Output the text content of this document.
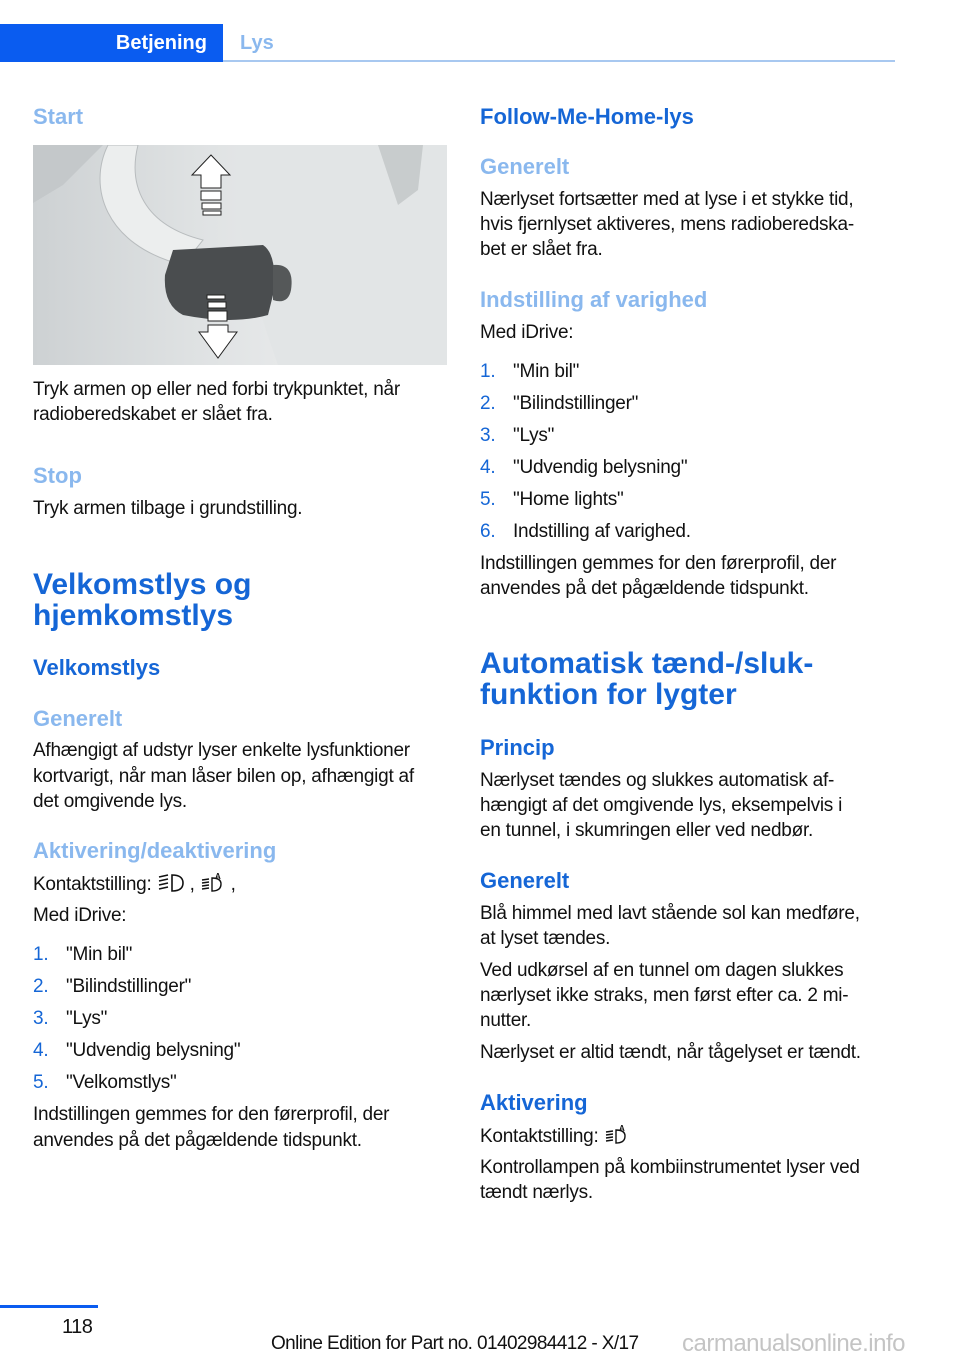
Betjening	Lys
Start
Tryk armen op eller ned forbi trykpunktet, når
radioberedskabet er slået fra.
Stop
Tryk armen tilbage i grundstilling.
Velkomstlys og
hjemkomstlys
Velkomstlys
Generelt
Afhængigt af udstyr lyser enkelte lysfunktioner
kortvarigt, når man låser bilen op, afhængigt af
det omgivende lys.
Aktivering/deaktivering
Kontaktstilling: ,	A ,
Med iDrive:
1. "Min bil"
2. "Bilindstillinger"
3. "Lys"
4. "Udvendig belysning"
5. "Velkomstlys"
Indstillingen gemmes for den førerprofil, der
anvendes på det pågældende tidspunkt.
Follow-Me-Home-lys
Generelt
Nærlyset fortsætter med at lyse i et stykke tid,
hvis fjernlyset aktiveres, mens radioberedska-
bet er slået fra.
Indstilling af varighed
Med iDrive:
1. "Min bil"
2. "Bilindstillinger"
3. "Lys"
4. "Udvendig belysning"
5. "Home lights"
6. Indstilling af varighed.
Indstillingen gemmes for den førerprofil, der
anvendes på det pågældende tidspunkt.
Automatisk tænd-/sluk-
funktion for lygter
Princip
Nærlyset tændes og slukkes automatisk af-
hængigt af det omgivende lys, eksempelvis i
en tunnel, i skumringen eller ved nedbør.
Generelt
Blå himmel med lavt stående sol kan medføre,
at lyset tændes.
Ved udkørsel af en tunnel om dagen slukkes
nærlyset ikke straks, men først efter ca. 2 mi-
nutter.
Nærlyset er altid tændt, når tågelyset er tændt.
Aktivering
Kontaktstilling:	A
Kontrollampen på kombiinstrumentet lyser ved
tændt nærlys.
118
Online Edition for Part no. 01402984412 - X/17 carmanualsonline.info
